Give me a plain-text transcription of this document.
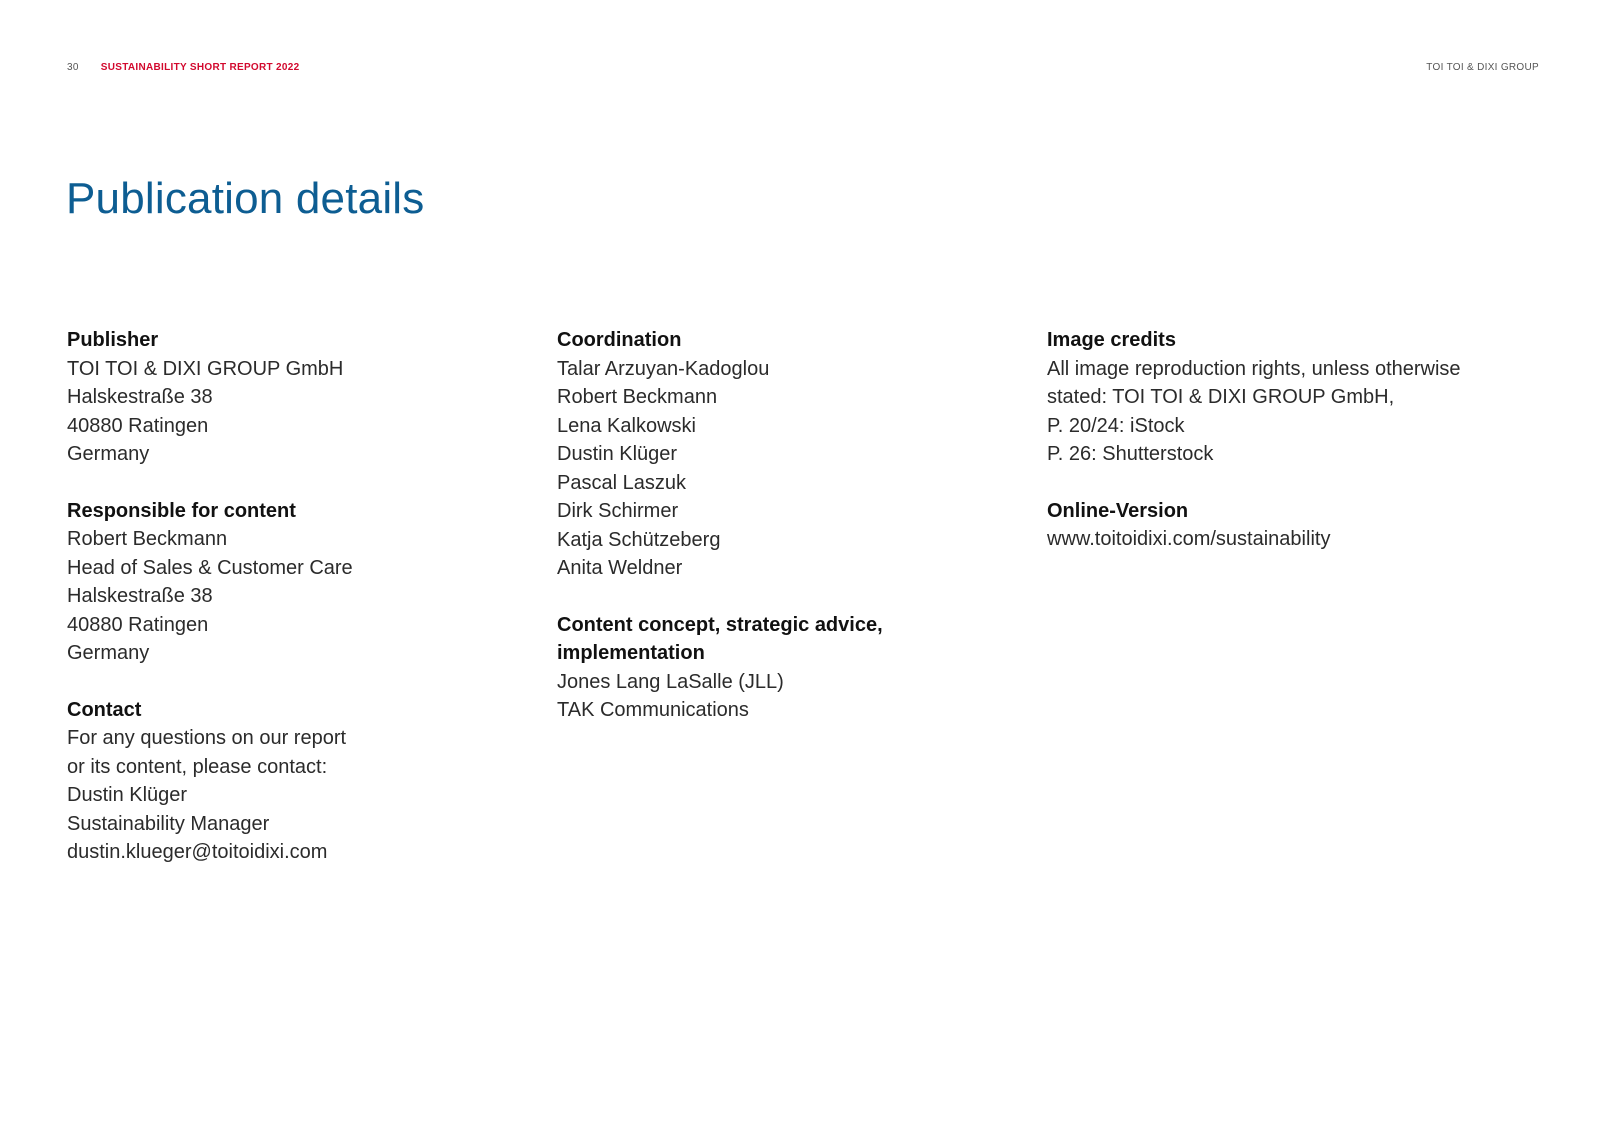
30 SUSTAINABILITY SHORT REPORT 2022	TOI TOI & DIXI GROUP
Publication details
Publisher
TOI TOI & DIXI GROUP GmbH
Halskestraße 38
40880 Ratingen
Germany
Responsible for content
Robert Beckmann
Head of Sales & Customer Care
Halskestraße 38
40880 Ratingen
Germany
Contact
For any questions on our report
or its content, please contact:
Dustin Klüger
Sustainability Manager
dustin.klueger@toitoidixi.com
Coordination
Talar Arzuyan-Kadoglou
Robert Beckmann
Lena Kalkowski
Dustin Klüger
Pascal Laszuk
Dirk Schirmer
Katja Schützeberg
Anita Weldner
Content concept, strategic advice,
implementation
Jones Lang LaSalle (JLL)
TAK Communications
Image credits
All image reproduction rights, unless otherwise
stated: TOI TOI & DIXI GROUP GmbH,
P. 20/24: iStock
P. 26: Shutterstock
Online-Version
www.toitoidixi.com/sustainability
